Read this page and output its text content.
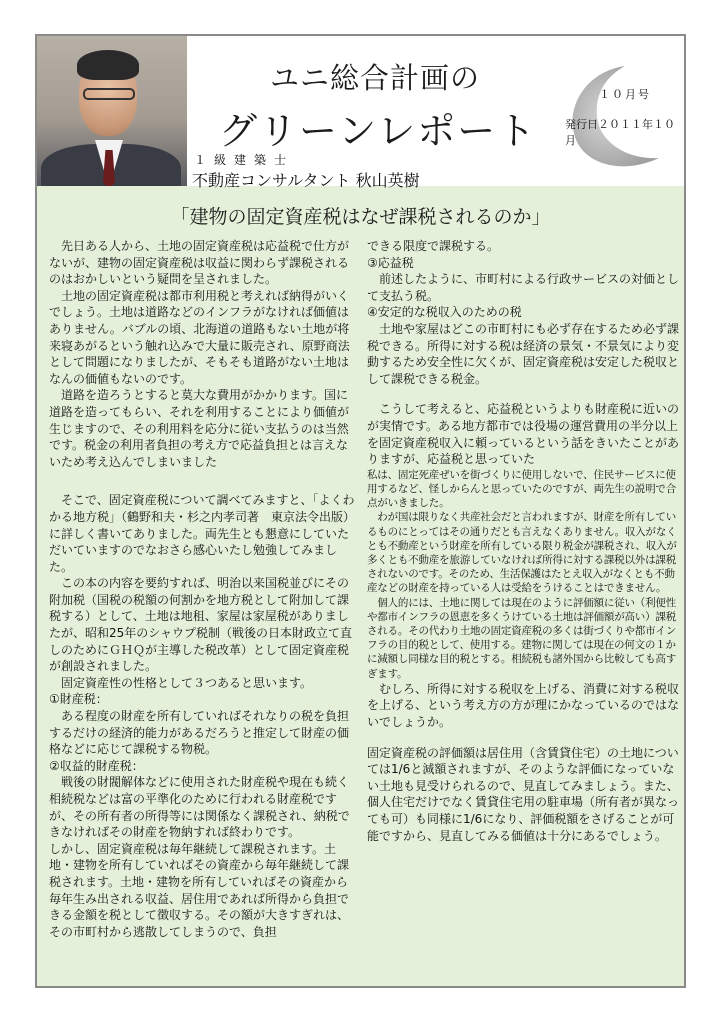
ユニ総合計画の
グリーンレポート
１０月号
発行日２０１１年１０月
１級建築士
不動産コンサルタント 秋山英樹
「建物の固定資産税はなぜ課税されるのか」

　先日ある人から、土地の固定資産税は応益税で仕方がないが、建物の固定資産税は収益に関わらず課税されるのはおかしいという疑問を呈されました。

　土地の固定資産税は都市利用税と考えれば納得がいくでしょう。土地は道路などのインフラがなければ価値はありません。バブルの頃、北海道の道路もない土地が将来寝あがるという触れ込みで大量に販売され、原野商法として問題になりましたが、そもそも道路がない土地はなんの価値もないのです。

　道路を造ろうとすると莫大な費用がかかります。国に道路を造ってもらい、それを利用することにより価値が生じますので、その利用料を応分に従い支払うのは当然です。税金の利用者負担の考え方で応益負担とは言えないため考え込んでしまいました

　そこで、固定資産税について調べてみますと、「よくわかる地方税」（鶴野和夫・杉之内孝司著　東京法令出版）に詳しく書いてありました。両先生とも懇意にしていただいていますのでなおさら感心いたし勉強してみました。

　この本の内容を要約すれば、明治以来国税並びにその附加税（国税の税額の何割かを地方税として附加して課税する）として、土地は地租、家屋は家屋税がありましたが、昭和25年のシャウプ税制（戦後の日本財政立て直しのためにＧＨＱが主導した税改革）として固定資産税が創設されました。

　固定資産性の性格として３つあると思います。

①財産税：

　ある程度の財産を所有していればそれなりの税を負担するだけの経済的能力があるだろうと推定して財産の価格などに応じて課税する物税。

②収益的財産税：

　戦後の財閥解体などに使用された財産税や現在も続く相続税などは富の平準化のために行われる財産税ですが、その所有者の所得等には関係なく課税され、納税できなければその財産を物納すれば終わりです。

しかし、固定資産税は毎年継続して課税されます。土地・建物を所有していればその資産から毎年継続して課税されます。土地・建物を所有していればその資産から毎年生み出される収益、居住用であれば所得から負担できる金額を税として徴収する。その額が大きすぎれは、その市町村から逃散してしまうので、負担

できる限度で課税する。

③応益税

　前述したように、市町村による行政サービスの対価として支払う税。

④安定的な税収入のための税

　土地や家屋はどこの市町村にも必ず存在するため必ず課税できる。所得に対する税は経済の景気・不景気により変動するため安全性に欠くが、固定資産税は安定した税収として課税できる税金。

　こうして考えると、応益税というよりも財産税に近いのが実情です。ある地方都市では役場の運営費用の半分以上を固定資産税収入に頼っているという話をきいたことがありますが、応益税と思っていた

私は、固定死産ぜいを街づくりに使用しないで、住民サービスに使用するなど、怪しからんと思っていたのですが、両先生の説明で合点がいきました。

　わが国は限りなく共産社会だと言われますが、財産を所有しているものにとってはその通りだとも言えなくありません。収入がなくとも不動産という財産を所有している限り税金が課税され、収入が多くとも不動産を旅游していなければ所得に対する課税以外は課税されないのです。そのため、生活保護はたとえ収入がなくとも不動産などの財産を持っている人は受給をうけることはできません。

　個人的には、土地に関しては現在のように評価額に従い（利便性や都市インフラの恩恵を多くうけている土地は評価額が高い）課税される。その代わり土地の固定資産税の多くは街づくりや都市インフラの目的税として、使用する。建物に関しては現在の何文の１かに減額し同様な目的税とする。相続税も諸外国から比較しても高すぎます。

　むしろ、所得に対する税収を上げる、消費に対する税収を上げる、という考え方の方が理にかなっているのではないでしょうか。

固定資産税の評価額は居住用（含賃貸住宅）の土地については1/6と減額されますが、そのような評価になっていない土地も見受けられるので、見直してみましょう。また、個人住宅だけでなく賃貸住宅用の駐車場（所有者が異なっても可）も同様に1/6になり、評価税額をさげることが可能ですから、見直してみる価値は十分にあるでしょう。
